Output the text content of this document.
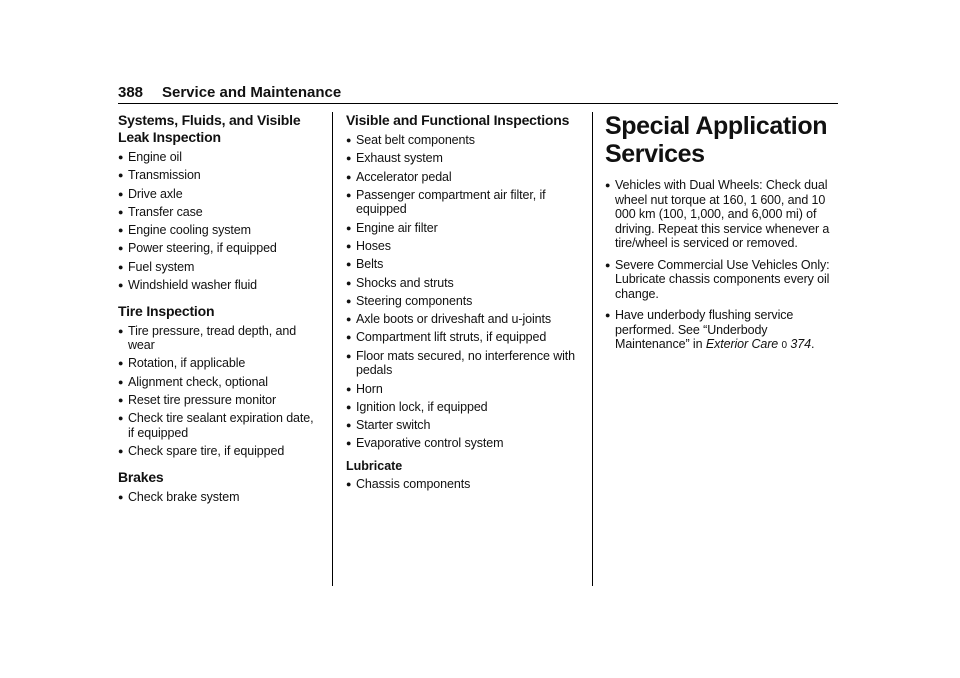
388 Service and Maintenance
Systems, Fluids, and Visible Leak Inspection
● Engine oil
● Transmission
● Drive axle
● Transfer case
● Engine cooling system
● Power steering, if equipped
● Fuel system
● Windshield washer fluid
Tire Inspection
● Tire pressure, tread depth, and wear
● Rotation, if applicable
● Alignment check, optional
● Reset tire pressure monitor
● Check tire sealant expiration date, if equipped
● Check spare tire, if equipped
Brakes
● Check brake system
Visible and Functional Inspections
● Seat belt components
● Exhaust system
● Accelerator pedal
● Passenger compartment air filter, if equipped
● Engine air filter
● Hoses
● Belts
● Shocks and struts
● Steering components
● Axle boots or driveshaft and u-joints
● Compartment lift struts, if equipped
● Floor mats secured, no interference with pedals
● Horn
● Ignition lock, if equipped
● Starter switch
● Evaporative control system
Lubricate
● Chassis components
Special Application Services
● Vehicles with Dual Wheels: Check dual wheel nut torque at 160, 1 600, and 10 000 km (100, 1,000, and 6,000 mi) of driving. Repeat this service whenever a tire/wheel is serviced or removed.
● Severe Commercial Use Vehicles Only: Lubricate chassis components every oil change.
● Have underbody flushing service performed. See “Underbody Maintenance” in Exterior Care 0 374.
